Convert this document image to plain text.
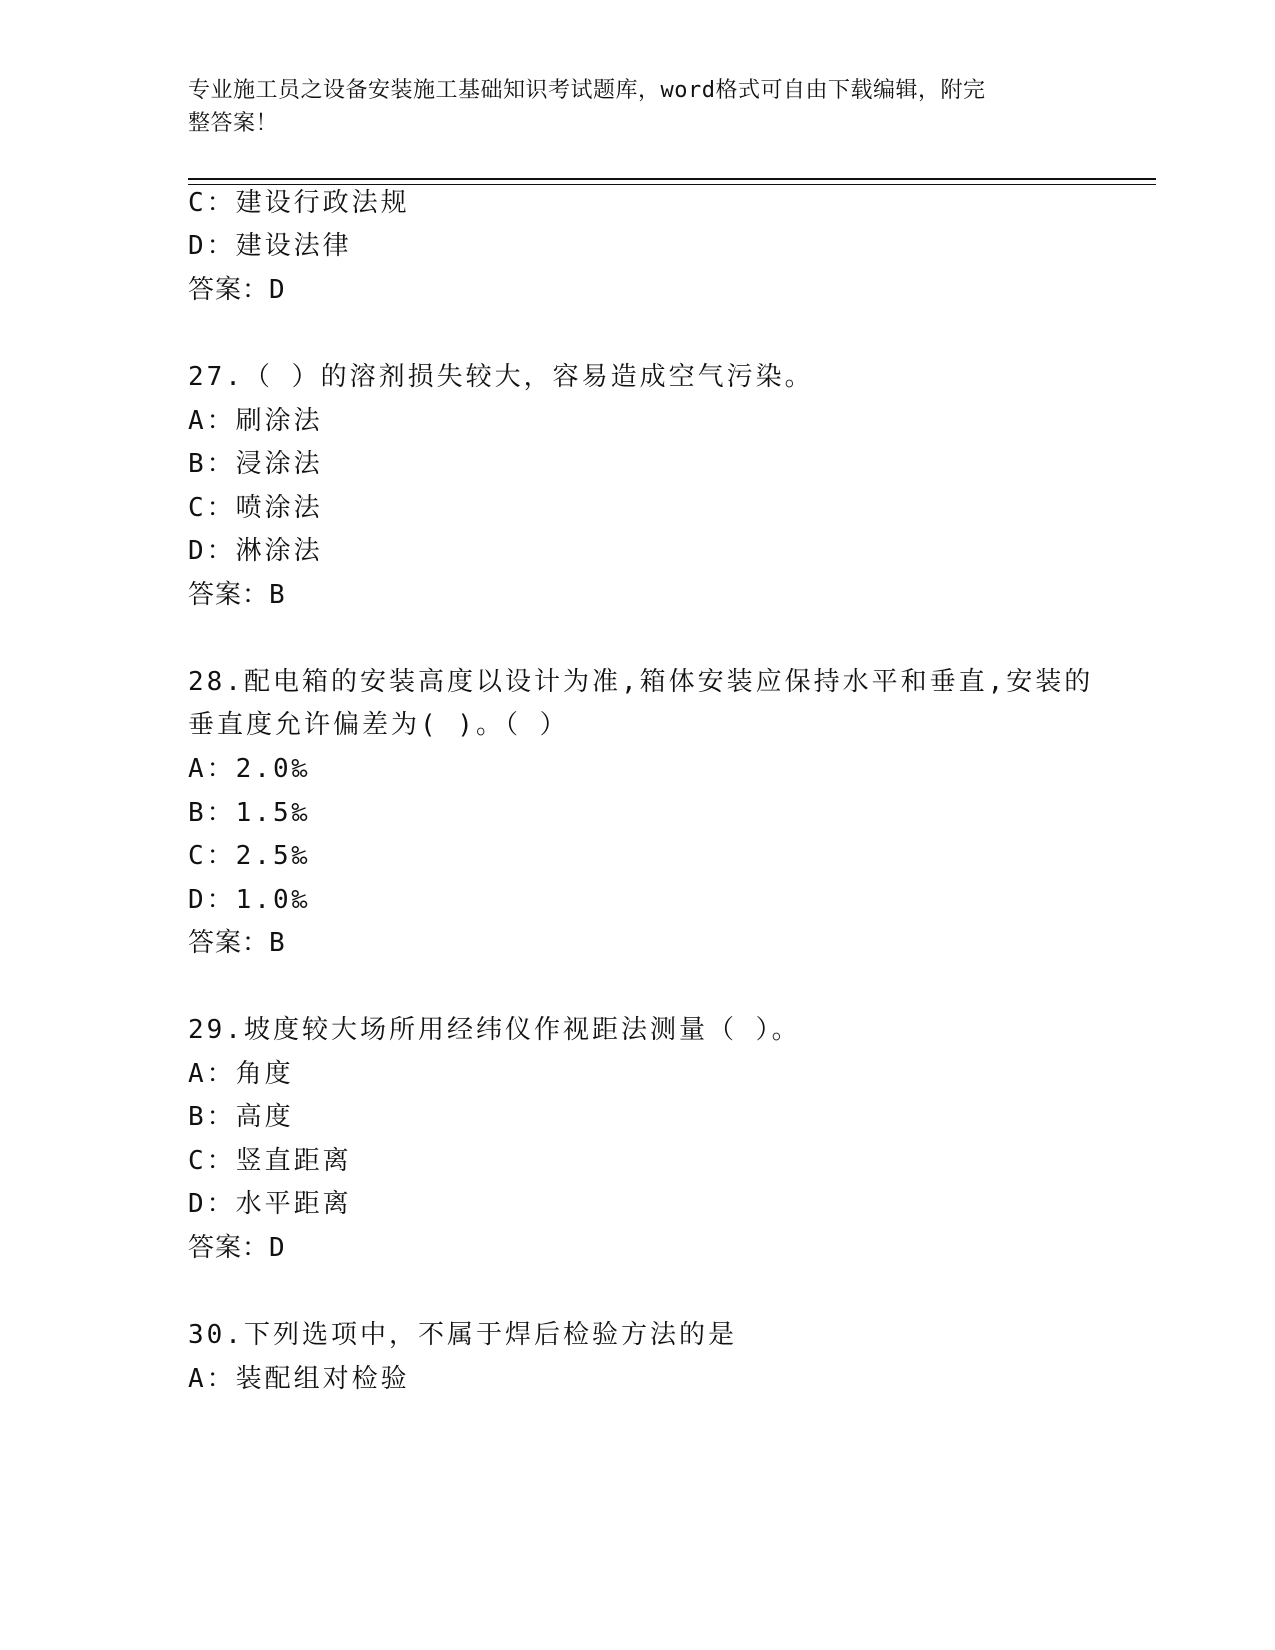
专业施工员之设备安装施工基础知识考试题库，word格式可自由下载编辑，附完
整答案！
C：建设行政法规
D：建设法律
答案：D
27.（ ）的溶剂损失较大，容易造成空气污染。
A：刷涂法
B：浸涂法
C：喷涂法
D：淋涂法
答案：B
28.配电箱的安装高度以设计为准,箱体安装应保持水平和垂直,安装的
垂直度允许偏差为( )。（ ）
A：2.0‰
B：1.5‰
C：2.5‰
D：1.0‰
答案：B
29.坡度较大场所用经纬仪作视距法测量（ ）。
A：角度
B：高度
C：竖直距离
D：水平距离
答案：D
30.下列选项中，不属于焊后检验方法的是
A：装配组对检验
